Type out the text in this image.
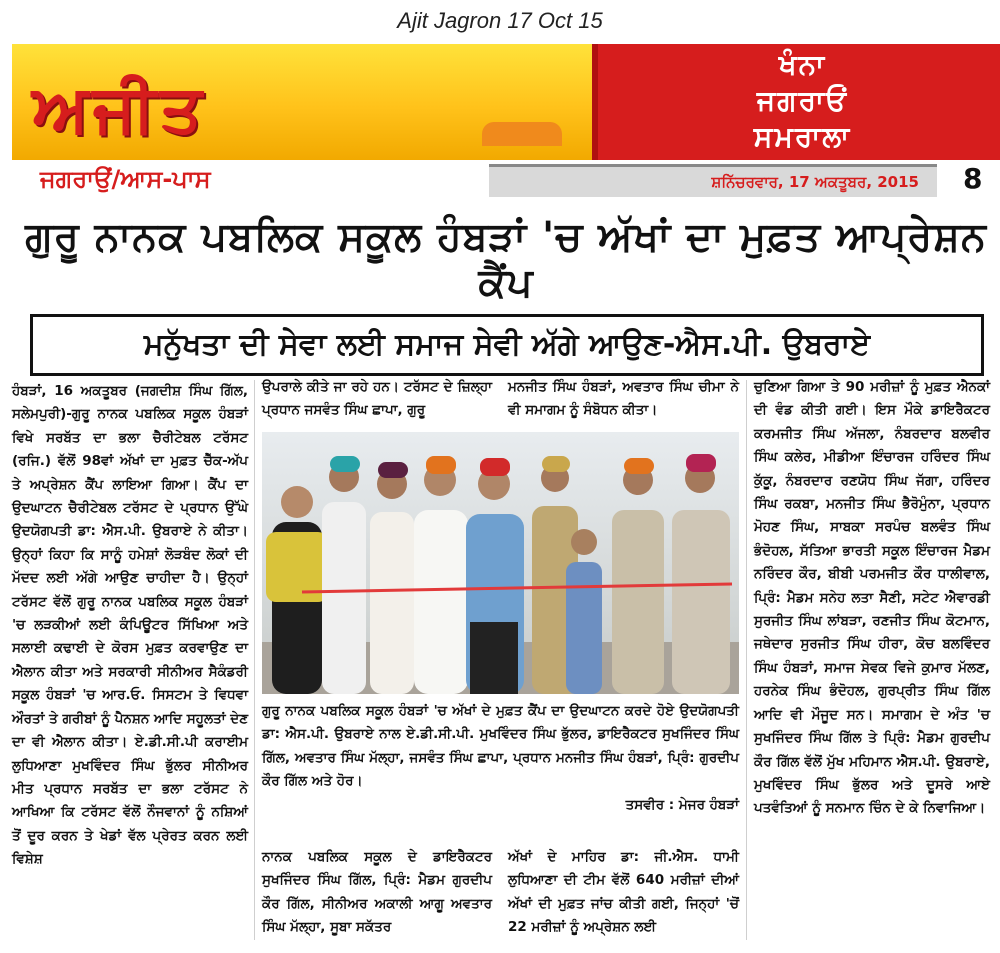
Ajit Jagron 17 Oct 15
ਅਜੀਤ
ਖੰਨਾ
ਜਗਰਾਓਂ
ਸਮਰਾਲਾ
ਜਗਰਾਉਂ/ਆਸ-ਪਾਸ	ਸ਼ਨਿੱਚਰਵਾਰ, 17 ਅਕਤੂਬਰ, 2015 8
ਗੁਰੂ ਨਾਨਕ ਪਬਲਿਕ ਸਕੂਲ ਹੰਬੜਾਂ 'ਚ ਅੱਖਾਂ ਦਾ ਮੁਫ਼ਤ ਆਪ੍ਰੇਸ਼ਨ ਕੈਂਪ
ਮਨੁੱਖਤਾ ਦੀ ਸੇਵਾ ਲਈ ਸਮਾਜ ਸੇਵੀ ਅੱਗੇ ਆਉਣ-ਐਸ.ਪੀ. ਉਬਰਾਏ

ਹੰਬੜਾਂ, 16 ਅਕਤੂਬਰ (ਜਗਦੀਸ਼ ਸਿੰਘ ਗਿੱਲ, ਸਲੇਮਪੁਰੀ)-ਗੁਰੂ ਨਾਨਕ ਪਬਲਿਕ ਸਕੂਲ ਹੰਬੜਾਂ ਵਿਖੇ ਸਰਬੱਤ ਦਾ ਭਲਾ ਚੈਰੀਟੇਬਲ ਟਰੱਸਟ (ਰਜਿ.) ਵੱਲੋਂ 98ਵਾਂ ਅੱਖਾਂ ਦਾ ਮੁਫ਼ਤ ਚੈੱਕ-ਅੱਪ ਤੇ ਅਪ੍ਰੇਸ਼ਨ ਕੈਂਪ ਲਾਇਆ ਗਿਆ। ਕੈਂਪ ਦਾ ਉਦਘਾਟਨ ਚੈਰੀਟੇਬਲ ਟਰੱਸਟ ਦੇ ਪ੍ਰਧਾਨ ਉੱਘੇ ਉਦਯੋਗਪਤੀ ਡਾ: ਐਸ.ਪੀ. ਉਬਰਾਏ ਨੇ ਕੀਤਾ। ਉਨ੍ਹਾਂ ਕਿਹਾ ਕਿ ਸਾਨੂੰ ਹਮੇਸ਼ਾਂ ਲੋੜਬੰਦ ਲੋਕਾਂ ਦੀ ਮੱਦਦ ਲਈ ਅੱਗੇ ਆਉਣ ਚਾਹੀਦਾ ਹੈ। ਉਨ੍ਹਾਂ ਟਰੱਸਟ ਵੱਲੋਂ ਗੁਰੂ ਨਾਨਕ ਪਬਲਿਕ ਸਕੂਲ ਹੰਬੜਾਂ 'ਚ ਲੜਕੀਆਂ ਲਈ ਕੰਪਿਊਟਰ ਸਿੱਖਿਆ ਅਤੇ ਸਲਾਈ ਕਢਾਈ ਦੇ ਕੋਰਸ ਮੁਫ਼ਤ ਕਰਵਾਉਣ ਦਾ ਐਲਾਨ ਕੀਤਾ ਅਤੇ ਸਰਕਾਰੀ ਸੀਨੀਅਰ ਸੈਕੰਡਰੀ ਸਕੂਲ ਹੰਬੜਾਂ 'ਚ ਆਰ.ਓ. ਸਿਸਟਮ ਤੇ ਵਿਧਵਾ ਔਰਤਾਂ ਤੇ ਗਰੀਬਾਂ ਨੂੰ ਪੈਨਸ਼ਨ ਆਦਿ ਸਹੂਲਤਾਂ ਦੇਣ ਦਾ ਵੀ ਐਲਾਨ ਕੀਤਾ। ਏ.ਡੀ.ਸੀ.ਪੀ ਕਰਾਈਮ ਲੁਧਿਆਣਾ ਮੁਖਵਿੰਦਰ ਸਿੰਘ ਭੁੱਲਰ ਸੀਨੀਅਰ ਮੀਤ ਪ੍ਰਧਾਨ ਸਰਬੱਤ ਦਾ ਭਲਾ ਟਰੱਸਟ ਨੇ ਆਖਿਆ ਕਿ ਟਰੱਸਟ ਵੱਲੋਂ ਨੌਜਵਾਨਾਂ ਨੂੰ ਨਸ਼ਿਆਂ ਤੋਂ ਦੂਰ ਕਰਨ ਤੇ ਖੇਡਾਂ ਵੱਲ ਪ੍ਰੇਰਤ ਕਰਨ ਲਈ ਵਿਸ਼ੇਸ਼

ਉਪਰਾਲੇ ਕੀਤੇ ਜਾ ਰਹੇ ਹਨ। ਟਰੱਸਟ ਦੇ ਜ਼ਿਲ੍ਹਾ ਪ੍ਰਧਾਨ ਜਸਵੰਤ ਸਿੰਘ ਛਾਪਾ, ਗੁਰੂ

ਮਨਜੀਤ ਸਿੰਘ ਹੰਬੜਾਂ, ਅਵਤਾਰ ਸਿੰਘ ਚੀਮਾ ਨੇ ਵੀ ਸਮਾਗਮ ਨੂੰ ਸੰਬੋਧਨ ਕੀਤਾ।

ਗੁਰੂ ਨਾਨਕ ਪਬਲਿਕ ਸਕੂਲ ਹੰਬੜਾਂ 'ਚ ਅੱਖਾਂ ਦੇ ਮੁਫ਼ਤ ਕੈਂਪ ਦਾ ਉਦਘਾਟਨ ਕਰਦੇ ਹੋਏ ਉਦਯੋਗਪਤੀ ਡਾ: ਐਸ.ਪੀ. ਉਬਰਾਏ ਨਾਲ ਏ.ਡੀ.ਸੀ.ਪੀ. ਮੁਖਵਿੰਦਰ ਸਿੰਘ ਭੁੱਲਰ, ਡਾਇਰੈਕਟਰ ਸੁਖਜਿੰਦਰ ਸਿੰਘ ਗਿੱਲ, ਅਵਤਾਰ ਸਿੰਘ ਮੱਲ੍ਹਾ, ਜਸਵੰਤ ਸਿੰਘ ਛਾਪਾ, ਪ੍ਰਧਾਨ ਮਨਜੀਤ ਸਿੰਘ ਹੰਬੜਾਂ, ਪ੍ਰਿੰ: ਗੁਰਦੀਪ ਕੌਰ ਗਿੱਲ ਅਤੇ ਹੋਰ।
ਤਸਵੀਰ : ਮੇਜਰ ਹੰਬੜਾਂ

ਨਾਨਕ ਪਬਲਿਕ ਸਕੂਲ ਦੇ ਡਾਇਰੈਕਟਰ ਸੁਖਜਿੰਦਰ ਸਿੰਘ ਗਿੱਲ, ਪ੍ਰਿੰ: ਮੈਡਮ ਗੁਰਦੀਪ ਕੌਰ ਗਿੱਲ, ਸੀਨੀਅਰ ਅਕਾਲੀ ਆਗੂ ਅਵਤਾਰ ਸਿੰਘ ਮੱਲ੍ਹਾ, ਸੂਬਾ ਸਕੱਤਰ

ਅੱਖਾਂ ਦੇ ਮਾਹਿਰ ਡਾ: ਜੀ.ਐਸ. ਧਾਮੀ ਲੁਧਿਆਣਾ ਦੀ ਟੀਮ ਵੱਲੋਂ 640 ਮਰੀਜ਼ਾਂ ਦੀਆਂ ਅੱਖਾਂ ਦੀ ਮੁਫ਼ਤ ਜਾਂਚ ਕੀਤੀ ਗਈ, ਜਿਨ੍ਹਾਂ 'ਚੋਂ 22 ਮਰੀਜ਼ਾਂ ਨੂੰ ਅਪ੍ਰੇਸ਼ਨ ਲਈ

ਚੁਣਿਆ ਗਿਆ ਤੇ 90 ਮਰੀਜ਼ਾਂ ਨੂੰ ਮੁਫ਼ਤ ਐਨਕਾਂ ਦੀ ਵੰਡ ਕੀਤੀ ਗਈ। ਇਸ ਮੌਕੇ ਡਾਇਰੈਕਟਰ ਕਰਮਜੀਤ ਸਿੰਘ ਅੱਜਲਾ, ਨੰਬਰਦਾਰ ਬਲਵੀਰ ਸਿੰਘ ਕਲੇਰ, ਮੀਡੀਆ ਇੰਚਾਰਜ ਹਰਿੰਦਰ ਸਿੰਘ ਕੁੱਕੂ, ਨੰਬਰਦਾਰ ਰਣਯੋਧ ਸਿੰਘ ਜੱਗਾ, ਹਰਿੰਦਰ ਸਿੰਘ ਰਕਬਾ, ਮਨਜੀਤ ਸਿੰਘ ਭੈਰੋਮੁੰਨਾ, ਪ੍ਰਧਾਨ ਮੋਹਣ ਸਿੰਘ, ਸਾਬਕਾ ਸਰਪੰਚ ਬਲਵੰਤ ਸਿੰਘ ਭੰਦੋਹਲ, ਸੱਤਿਆ ਭਾਰਤੀ ਸਕੂਲ ਇੰਚਾਰਜ ਮੈਡਮ ਨਰਿੰਦਰ ਕੌਰ, ਬੀਬੀ ਪਰਮਜੀਤ ਕੌਰ ਧਾਲੀਵਾਲ, ਪ੍ਰਿੰ: ਮੈਡਮ ਸਨੇਹ ਲਤਾ ਸੈਣੀ, ਸਟੇਟ ਐਵਾਰਡੀ ਸੁਰਜੀਤ ਸਿੰਘ ਲਾਂਬੜਾ, ਰਣਜੀਤ ਸਿੰਘ ਕੋਟਮਾਨ, ਜਥੇਦਾਰ ਸੁਰਜੀਤ ਸਿੰਘ ਹੀਰਾ, ਕੋਚ ਬਲਵਿੰਦਰ ਸਿੰਘ ਹੰਬੜਾਂ, ਸਮਾਜ ਸੇਵਕ ਵਿਜੇ ਕੁਮਾਰ ਮੱਲਣ, ਹਰਨੇਕ ਸਿੰਘ ਭੰਦੋਹਲ, ਗੁਰਪ੍ਰੀਤ ਸਿੰਘ ਗਿੱਲ ਆਦਿ ਵੀ ਮੌਜੂਦ ਸਨ। ਸਮਾਗਮ ਦੇ ਅੰਤ 'ਚ ਸੁਖਜਿੰਦਰ ਸਿੰਘ ਗਿੱਲ ਤੇ ਪ੍ਰਿੰ: ਮੈਡਮ ਗੁਰਦੀਪ ਕੌਰ ਗਿੱਲ ਵੱਲੋਂ ਮੁੱਖ ਮਹਿਮਾਨ ਐਸ.ਪੀ. ਉਬਰਾਏ, ਮੁਖਵਿੰਦਰ ਸਿੰਘ ਭੁੱਲਰ ਅਤੇ ਦੂਸਰੇ ਆਏ ਪਤਵੰਤਿਆਂ ਨੂੰ ਸਨਮਾਨ ਚਿੰਨ ਦੇ ਕੇ ਨਿਵਾਜਿਆ।
